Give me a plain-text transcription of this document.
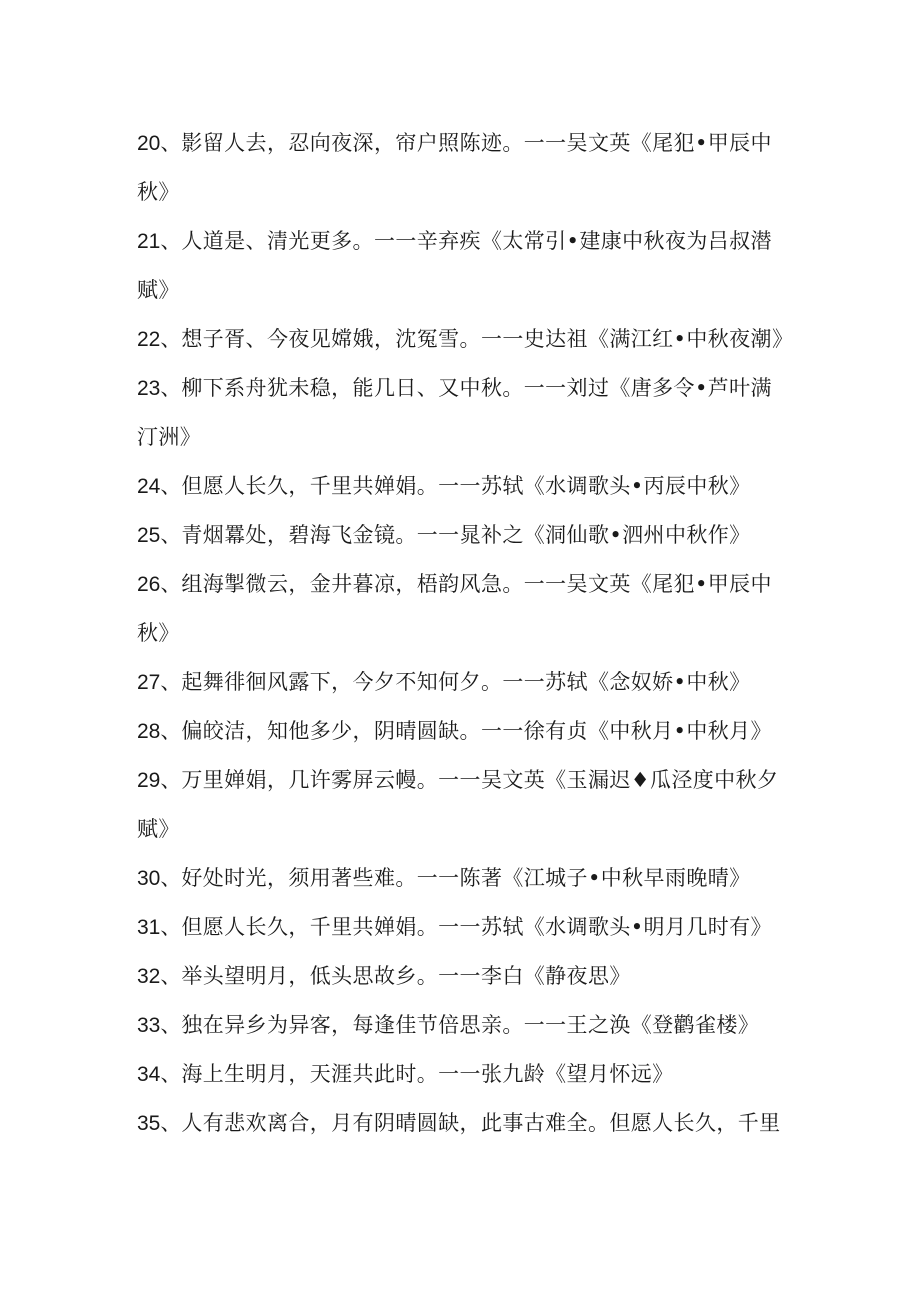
20、影留人去，忍向夜深，帘户照陈迹。一一吴文英《尾犯•甲辰中
秋》
21、人道是、清光更多。一一辛弃疾《太常引•建康中秋夜为吕叔潜
赋》
22、想子胥、今夜见嫦娥，沈冤雪。一一史达祖《满江红•中秋夜潮》
23、柳下系舟犹未稳，能几日、又中秋。一一刘过《唐多令•芦叶满
汀洲》
24、但愿人长久，千里共婵娟。一一苏轼《水调歌头•丙辰中秋》
25、青烟羃处，碧海飞金镜。一一晁补之《洞仙歌•泗州中秋作》
26、组海掣微云，金井暮凉，梧韵风急。一一吴文英《尾犯•甲辰中
秋》
27、起舞徘徊风露下，今夕不知何夕。一一苏轼《念奴娇•中秋》
28、偏皎洁，知他多少，阴晴圆缺。一一徐有贞《中秋月•中秋月》
29、万里婵娟，几许雾屏云幔。一一吴文英《玉漏迟♦瓜泾度中秋夕
赋》
30、好处时光，须用著些难。一一陈著《江城子•中秋早雨晚晴》
31、但愿人长久，千里共婵娟。一一苏轼《水调歌头•明月几时有》
32、举头望明月，低头思故乡。一一李白《静夜思》
33、独在异乡为异客，每逢佳节倍思亲。一一王之涣《登鹳雀楼》
34、海上生明月，天涯共此时。一一张九龄《望月怀远》
35、人有悲欢离合，月有阴晴圆缺，此事古难全。但愿人长久，千里
